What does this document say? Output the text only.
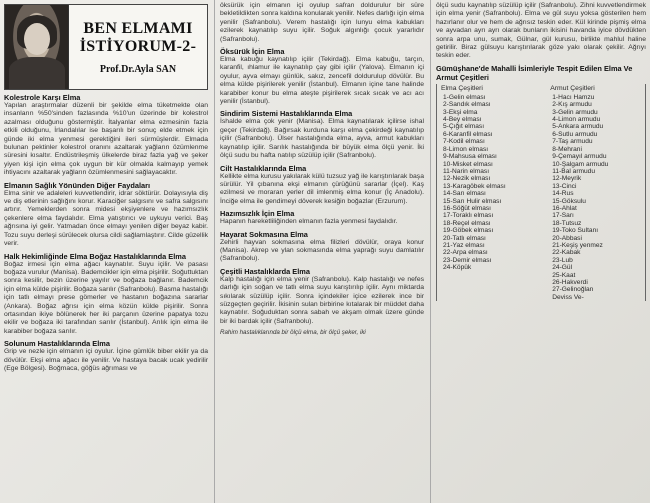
BEN ELMAMI İSTİYORUM-2-
Prof.Dr.Ayla SAN
Kolestrole Karşı Elma

Yapılan araştırmalar düzenli bir şekilde elma tüketmekte olan insanların %50'sinden fazlasında %10'un üzerinde bir kolestrol azalması olduğunu göstermiştir. İtalyanlar elma ezmesinin fazla etkili olduğunu, İrlandalılar ise başarılı bir sonuç elde etmek için günde iki elma yenmesi gerektiğini ileri sürmüşlerdir. Elmada bulunan pektinler kolestrol oranını azaltarak yağların özümlenme süresini kısaltır. Endüstrileşmiş ülkelerde biraz fazla yağ ve şeker yiyen kişi için elma çok uygun bir kür olmakla kalmayıp yemek ihtiyacını azaltarak yağların özümlenmesini sağlayacaktır.

Elmanın Sağlık Yönünden Diğer Faydaları

Elma sinir ve adaleleri kuvvetlendirir, idrar söktürür. Dolayısıyla diş ve diş etlerinin sağlığını korur. Karaciğer salgısını ve safra salgısını artırır. Yemeklerden sonra midesi ekşiyenlere ve hazımsızlık çekenlere elma faydalıdır. Elma yatıştırıcı ve uykuyu verici. Baş ağrısına iyi gelir. Yatmadan önce elmayı yenilen diğer beyaz kabir. Tozu suyu derleşi sürülecek olursa cildi sağlamlaştırır. Cilde güzellik verir.

Halk Hekimliğinde Elma Boğaz Hastalıklarında Elma

Boğaz irmesi için elma ağacı kaynatılır. Suyu içilir. Ve pasası boğaza vurulur (Manisa). Bademcikler için elma pişirilir. Soğuttuktan sonra kesilir, bezin üzerine yayılır ve boğaza bağlanır. Bademcik için elma külde pişirilir. Boğaza sarılır (Safranbolu). Basma hastalığı için tatlı elmayı prese gömerler ve hastanın boğazına sararlar (Ankara). Boğaz ağrısı için elma közün külde pişirilir. Sonra ortasından ikiye bölünerek her iki parçanın üzerine papatya tozu ekilir ve boğaza iki tarafından sarılır (İstanbul). Arılık için elma ile karabiber boğaza sarılır.

Solunum Hastalıklarında Elma

Grip ve nezle için elmanın içi oyulur. İçine gümlük biber ekilir ya da dövülür. Ekşi elma ağacı ile yenilir. Ve hastaya bacak ucak yedirilir (Ege Bölgesi). Boğmaca, göğüs ağrıması ve

öksürük için elmanın içi oyulup safran doldurulur bir süre bekletildikten sonra kaldına konularak yenilir. Nefes darlığı için elma yenilir (Safranbolu). Verem hastalığı için lunyu elma kabukları ezilerek kaynatılıp suyu içilir. Soğuk algınlığı çocuk yararlıdır (Safranbolu).

Öksürük İçin Elma

Elma kabuğu kaynatılıp içilir (Tekirdağ). Elma kabuğu, tarçın, karanfil, ıhlamur ile kaynatılıp çay gibi içilir (Yalova). Elmanın içi oyulur, ayva elmayı günlük, sakız, zencefil doldurulup dövülür. Bu elma külde pişirilerek yenilir (İstanbul). Elmanın içine tane halinde karabiber konur bu elma ateşte pişirilerek sıcak sıcak ve acı acı yenilir (İstanbul).

Sindirim Sistemi Hastalıklarında Elma

İshalde elma çok yenir (Manisa). Elma kaynatılarak içilirse ishal geçer (Tekirdağ). Bağırsak kurduna karşı elma çekirdeği kaynatılıp içilir (Safranbolu). Ülser hastalığında elma, ayva, armut kabukları kaynatılıp içilir. Sarılık hastalığında bir büyük elma ölçü yenir. İki ölçü sudu bu hafta natılıp süzülüp içilir (Safranbolu).

Cilt Hastalıklarında Elma

Kellikte elma kurusu yakılarak külü tuzsuz yağ ile karıştırılarak başa sürülür. Yil çıbanına ekşi elmanın çürüğünü sararlar (İçel). Kaş ezilmesi ve morararı yerler dil imlenmiş elma konur (İç Anadolu). İnciğe elma ile gendimeyi döverek kesiğin boğazlar (Erzurum).

Hazımsızlık İçin Elma

Hapanın hareketliliğinden elmanın fazla yenmesi faydalıdır.

Hayarat Sokmasına Elma

Zehirli hayvan sokmasına elma filizleri dövülür, oraya konur (Manisa). Akrep ve ylan sokmasında elma yaprağı suyu damlatılır (Safranbolu).

Çeşitli Hastalıklarda Elma

Kalp hastalığı için elma yenir (Safranbolu). Kalp hastalığı ve nefes darlığı için soğan ve tatlı elma suyu karıştırılıp içilir. Aynı miktarda sıkılarak süzülüp içilir. Sonra içindekiler içice ezilerek ince bir süzgeçten geçirilir. İkisinin sulan birbirine kıtalarak bir müddet daha kaynatılır. Soğuduktan sonra sabah ve akşam olmak üzere günde bir iki bardak içilir (Safranbolu).

Rahim hastalıklarında bir ölçü elma, bir ölçü şeker, iki

ölçü sudu kaynatılıp süzülüp içilir (Safranbolu). Zihni kuvvetlendirmek için elma yenir (Safranbolu). Elma ve gül suyu yoksa gösterilen hem hazırlanır olur ve hem de ağrısız teskin eder. Kül kirinde pişmiş elma ve ayvadan ayrı ayrı olarak bunların ikisini havanda iyice dövdükten sonra arpa unu, sumak, Gülnar, gül kurusu, birlikte mahlul haline getirilir. Biraz gülsuyu karıştırılarak göze yakı olarak çekilir. Ağrıyı teskin eder.

Gümüşhane'de Mahalli İsimleriyle Tespit Edilen Elma Ve Armut Çeşitleri
Elma Çeşitleri	Armut Çeşitleri
1-Gelin elması	1-Hacı Hamzu
2-Sandık elması	2-Kış armudu
3-Ekşi elma	3-Gelin armudu
4-Bey elması	4-Limon armudu
5-Çığıt elması	5-Ankara armudu
6-Karanfil elması	6-Sutlu armudu
7-Kodil elması	7-Taş armudu
8-Limon elması	8-Mehrani
9-Mahsusa elması	9-Çemayıl armudu
10-Misket elması	10-Şalgam armudu
11-Narin elması	11-Bal armudu
12-Nezik elması	12-Meyrik
13-Karagöbek elması	13-Cinci
14-Sarı elması	14-Rus
15-Sarı Hulir elması	15-Göksulu
16-Söğüt elması	16-Ahlat
17-Toraklı elması	17-Sarı
18-Reçel elması	18-Tutsuz
19-Göbek elması	19-Toko Sultanı
20-Tatlı elması	20-Abbasi
21-Yaz elması	21-Keşiş yenmez
22-Arpa elması	22-Kabak
23-Demir elması	23-Lub
24-Köpük	24-Gül
	25-Kaat
	26-Hakverdi
	27-Gelinoğlan
	Deviss Ve-
